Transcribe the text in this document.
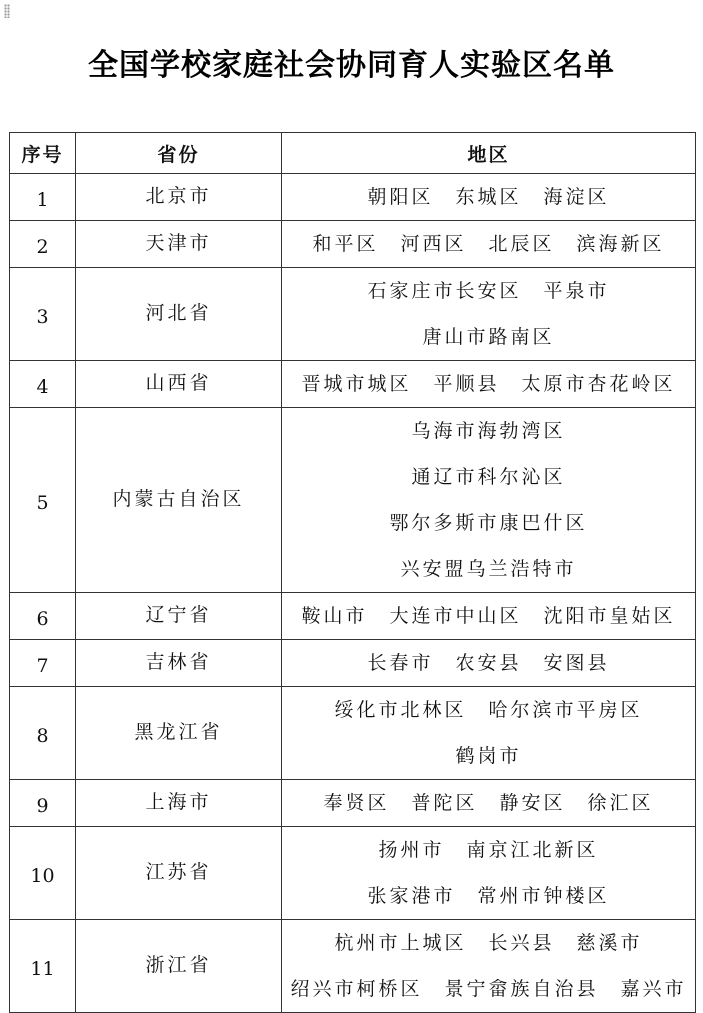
全国学校家庭社会协同育人实验区名单
序号	省份	地区
1	北京市	朝阳区 东城区 海淀区

2	天津市	和平区 河西区 北辰区 滨海新区

3	河北省	石家庄市长安区 平泉市
唐山市路南区

4	山西省	晋城市城区 平顺县 太原市杏花岭区

5	内蒙古自治区	乌海市海勃湾区
通辽市科尔沁区
鄂尔多斯市康巴什区
兴安盟乌兰浩特市

6	辽宁省	鞍山市 大连市中山区 沈阳市皇姑区

7	吉林省	长春市 农安县 安图县

8	黑龙江省	绥化市北林区 哈尔滨市平房区
鹤岗市

9	上海市	奉贤区 普陀区 静安区 徐汇区

10	江苏省	扬州市 南京江北新区
张家港市 常州市钟楼区

11	浙江省	杭州市上城区 长兴县 慈溪市
绍兴市柯桥区 景宁畲族自治县 嘉兴市
